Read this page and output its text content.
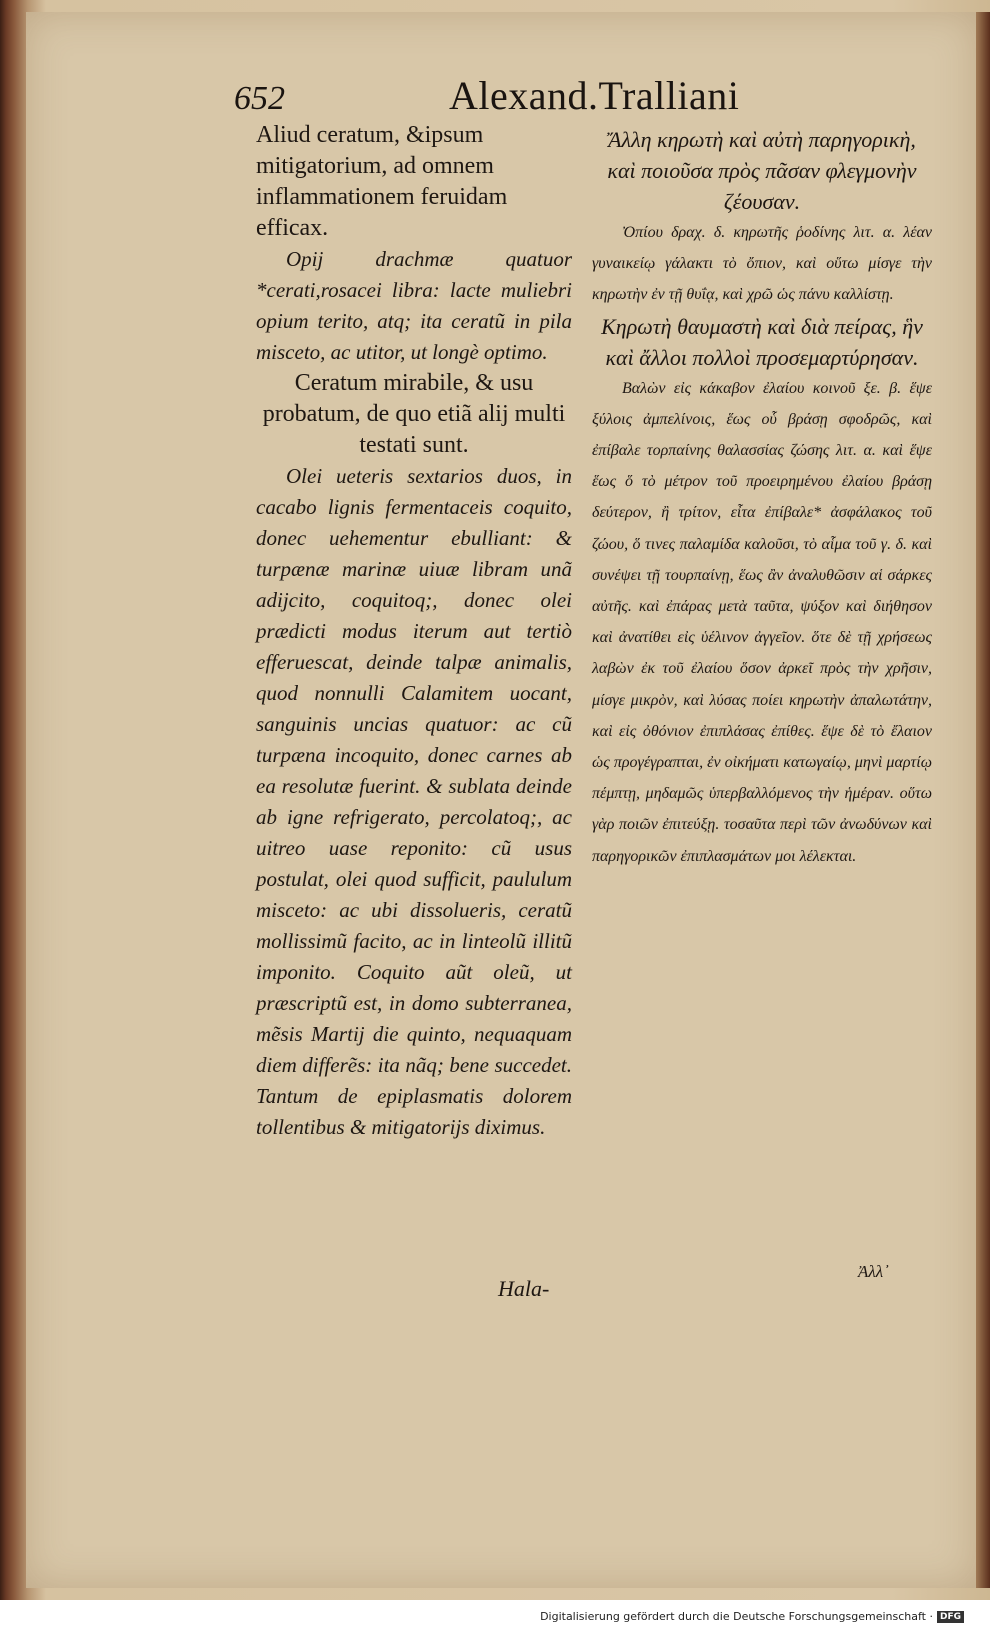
652	Alexand.Tralliani

Aliud ceratum, &ipsum mitigatorium, ad omnem inflammationem feruidam efficax.

Opij drachmæ quatuor *cerati,rosacei libra: lacte muliebri opium terito, atq; ita ceratũ in pila misceto, ac utitor, ut longè optimo.

Ceratum mirabile, & usu probatum, de quo etiã alij multi testati sunt.

Olei ueteris sextarios duos, in cacabo lignis fermentaceis coquito, donec uehementur ebulliant: & turpænæ marinæ uiuæ libram unã adijcito, coquitoq;, donec olei prædicti modus iterum aut tertiò efferuescat, deinde talpæ animalis, quod nonnulli Calamitem uocant, sanguinis uncias quatuor: ac cũ turpæna incoquito, donec carnes ab ea resolutæ fuerint. & sublata deinde ab igne refrigerato, percolatoq;, ac uitreo uase reponito: cũ usus postulat, olei quod sufficit, paululum misceto: ac ubi dissolueris, ceratũ mollissimũ facito, ac in linteolũ illitũ imponito. Coquito aũt oleũ, ut præscriptũ est, in domo subterranea, mẽsis Martij die quinto, nequaquam diem differẽs: ita nãq; bene succedet. Tantum de epiplasmatis dolorem tollentibus & mitigatorijs diximus.

Hala-

Ἄλλη κηρωτὴ καὶ αὐτὴ παρηγορικὴ, καὶ ποιοῦσα πρὸς πᾶσαν φλεγμονὴν ζέουσαν.

Ὀπίου δραχ. δ. κηρωτῆς ῥοδίνης λιτ. α. λέαν γυναικείῳ γάλακτι τὸ ὄπιον, καὶ οὕτω μίσγε τὴν κηρωτὴν ἐν τῇ θυΐᾳ, καὶ χρῶ ὡς πάνυ καλλίστῃ.

Κηρωτὴ θαυμαστὴ καὶ διὰ πείρας, ἣν καὶ ἄλλοι πολλοὶ προσεμαρτύρησαν.

Βαλὼν εἰς κάκαβον ἐλαίου κοινοῦ ξε. β. ἕψε ξύλοις ἀμπελίνοις, ἕως οὗ βράσῃ σφοδρῶς, καὶ ἐπίβαλε τορπαίνης θαλασσίας ζώσης λιτ. α. καὶ ἕψε ἕως ὅ τὸ μέτρον τοῦ προειρημένου ἐλαίου βράσῃ δεύτερον, ἢ τρίτον, εἶτα ἐπίβαλε* ἀσφάλακος τοῦ ζώου, ὅ τινες παλαμίδα καλοῦσι, τὸ αἷμα τοῦ γ. δ. καὶ συνέψει τῇ τουρπαίνῃ, ἕως ἂν ἀναλυθῶσιν αἱ σάρκες αὐτῆς. καὶ ἐπάρας μετὰ ταῦτα, ψύξον καὶ διήθησον καὶ ἀνατίθει εἰς ὑέλινον ἀγγεῖον. ὅτε δὲ τῇ χρήσεως λαβὼν ἐκ τοῦ ἐλαίου ὅσον ἀρκεῖ πρὸς τὴν χρῆσιν, μίσγε μικρὸν, καὶ λύσας ποίει κηρωτὴν ἀπαλωτάτην, καὶ εἰς ὀθόνιον ἐπιπλάσας ἐπίθες. ἕψε δὲ τὸ ἔλαιον ὡς προγέγραπται, ἐν οἰκήματι κατωγαίῳ, μηνὶ μαρτίῳ πέμπτῃ, μηδαμῶς ὑπερβαλλόμενος τὴν ἡμέραν. οὕτω γὰρ ποιῶν ἐπιτεύξῃ. τοσαῦτα περὶ τῶν ἀνωδύνων καὶ παρηγορικῶν ἐπιπλασμάτων μοι λέλεκται.

Ἀλλ᾽
Digitalisierung gefördert durch die Deutsche Forschungsgemeinschaft · DFG
